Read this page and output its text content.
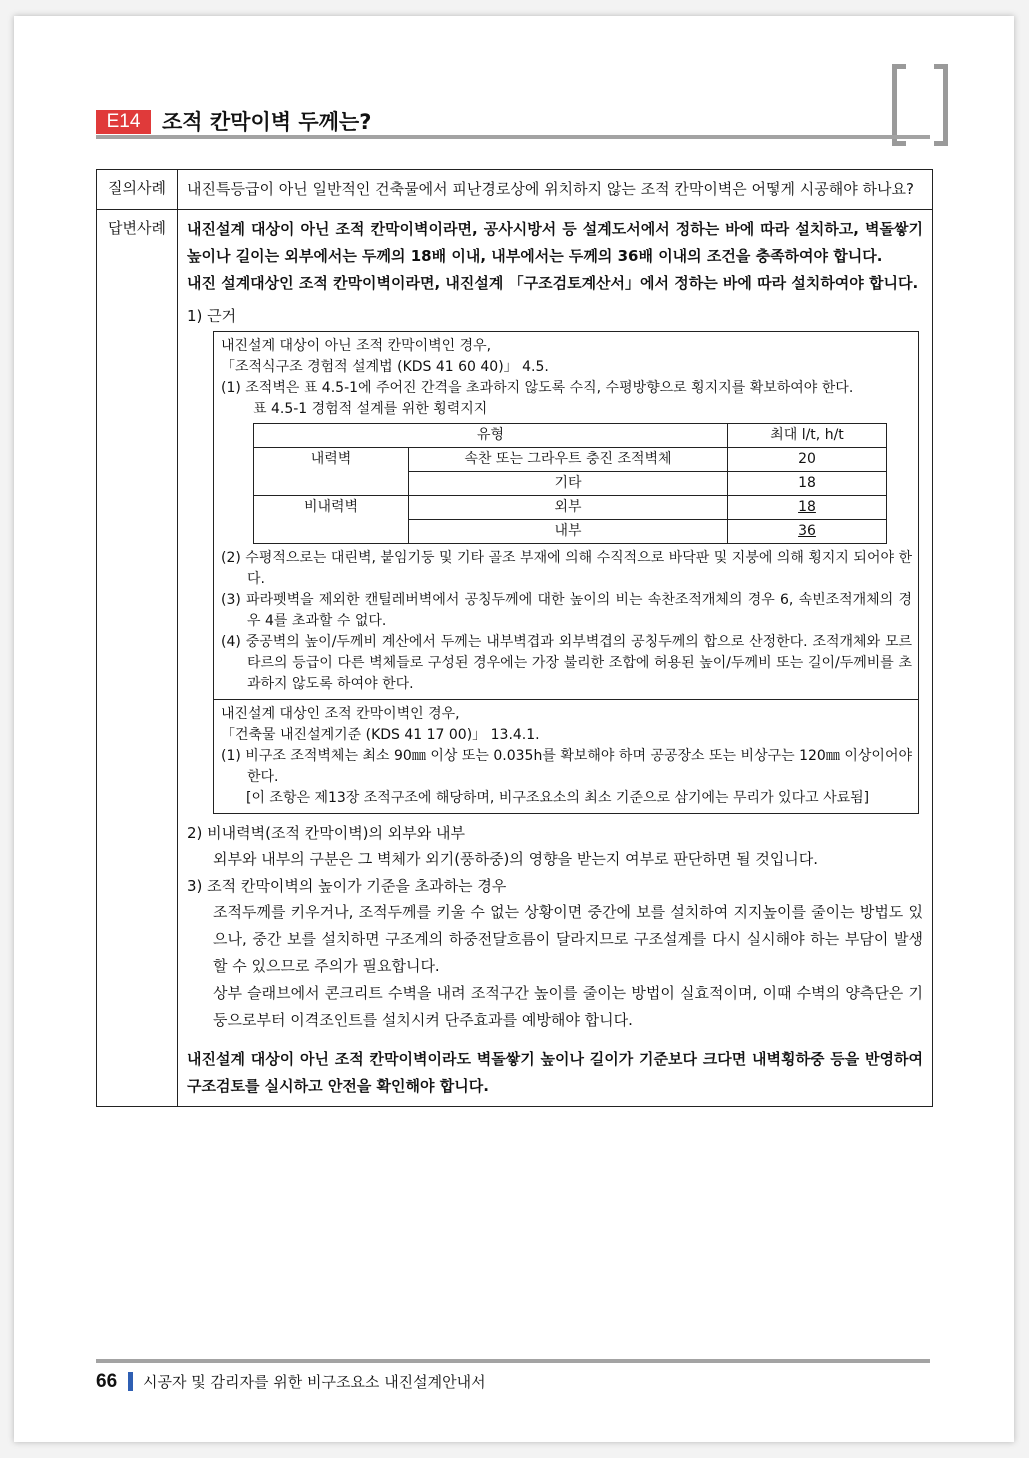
E14	조적 칸막이벽 두께는?
질의사례	내진특등급이 아닌 일반적인 건축물에서 피난경로상에 위치하지 않는 조적 칸막이벽은 어떻게 시공해야 하나요?

답변사례	내진설계 대상이 아닌 조적 칸막이벽이라면, 공사시방서 등 설계도서에서 정하는 바에 따라 설치하고, 벽돌쌓기 높이나 길이는 외부에서는 두께의 18배 이내, 내부에서는 두께의 36배 이내의 조건을 충족하여야 합니다.
내진 설계대상인 조적 칸막이벽이라면, 내진설계 「구조검토계산서」에서 정하는 바에 따라 설치하여야 합니다.
1) 근거
내진설계 대상이 아닌 조적 칸막이벽인 경우,
「조적식구조 경험적 설계법 (KDS 41 60 40)」 4.5.
(1) 조적벽은 표 4.5-1에 주어진 간격을 초과하지 않도록 수직, 수평방향으로 횡지지를 확보하여야 한다.
표 4.5-1 경험적 설계를 위한 횡력지지
유형	최대 l/t, h/t
내력벽	속찬 또는 그라우트 충진 조적벽체	20
기타	18
비내력벽	외부	18
내부	36
(2) 수평적으로는 대린벽, 붙임기둥 및 기타 골조 부재에 의해 수직적으로 바닥판 및 지붕에 의해 횡지지 되어야 한다.
(3) 파라펫벽을 제외한 캔틸레버벽에서 공칭두께에 대한 높이의 비는 속찬조적개체의 경우 6, 속빈조적개체의 경우 4를 초과할 수 없다.
(4) 중공벽의 높이/두께비 계산에서 두께는 내부벽겹과 외부벽겹의 공칭두께의 합으로 산정한다. 조적개체와 모르타르의 등급이 다른 벽체들로 구성된 경우에는 가장 불리한 조합에 허용된 높이/두께비 또는 길이/두께비를 초과하지 않도록 하여야 한다.
내진설계 대상인 조적 칸막이벽인 경우,
「건축물 내진설계기준 (KDS 41 17 00)」 13.4.1.
(1) 비구조 조적벽체는 최소 90㎜ 이상 또는 0.035h를 확보해야 하며 공공장소 또는 비상구는 120㎜ 이상이어야 한다.
[이 조항은 제13장 조적구조에 해당하며, 비구조요소의 최소 기준으로 삼기에는 무리가 있다고 사료됨]
2) 비내력벽(조적 칸막이벽)의 외부와 내부
외부와 내부의 구분은 그 벽체가 외기(풍하중)의 영향을 받는지 여부로 판단하면 될 것입니다.
3) 조적 칸막이벽의 높이가 기준을 초과하는 경우
조적두께를 키우거나, 조적두께를 키울 수 없는 상황이면 중간에 보를 설치하여 지지높이를 줄이는 방법도 있으나, 중간 보를 설치하면 구조계의 하중전달흐름이 달라지므로 구조설계를 다시 실시해야 하는 부담이 발생할 수 있으므로 주의가 필요합니다.
상부 슬래브에서 콘크리트 수벽을 내려 조적구간 높이를 줄이는 방법이 실효적이며, 이때 수벽의 양측단은 기둥으로부터 이격조인트를 설치시켜 단주효과를 예방해야 합니다.
내진설계 대상이 아닌 조적 칸막이벽이라도 벽돌쌓기 높이나 길이가 기준보다 크다면 내벽횡하중 등을 반영하여 구조검토를 실시하고 안전을 확인해야 합니다.
66 시공자 및 감리자를 위한 비구조요소 내진설계안내서
